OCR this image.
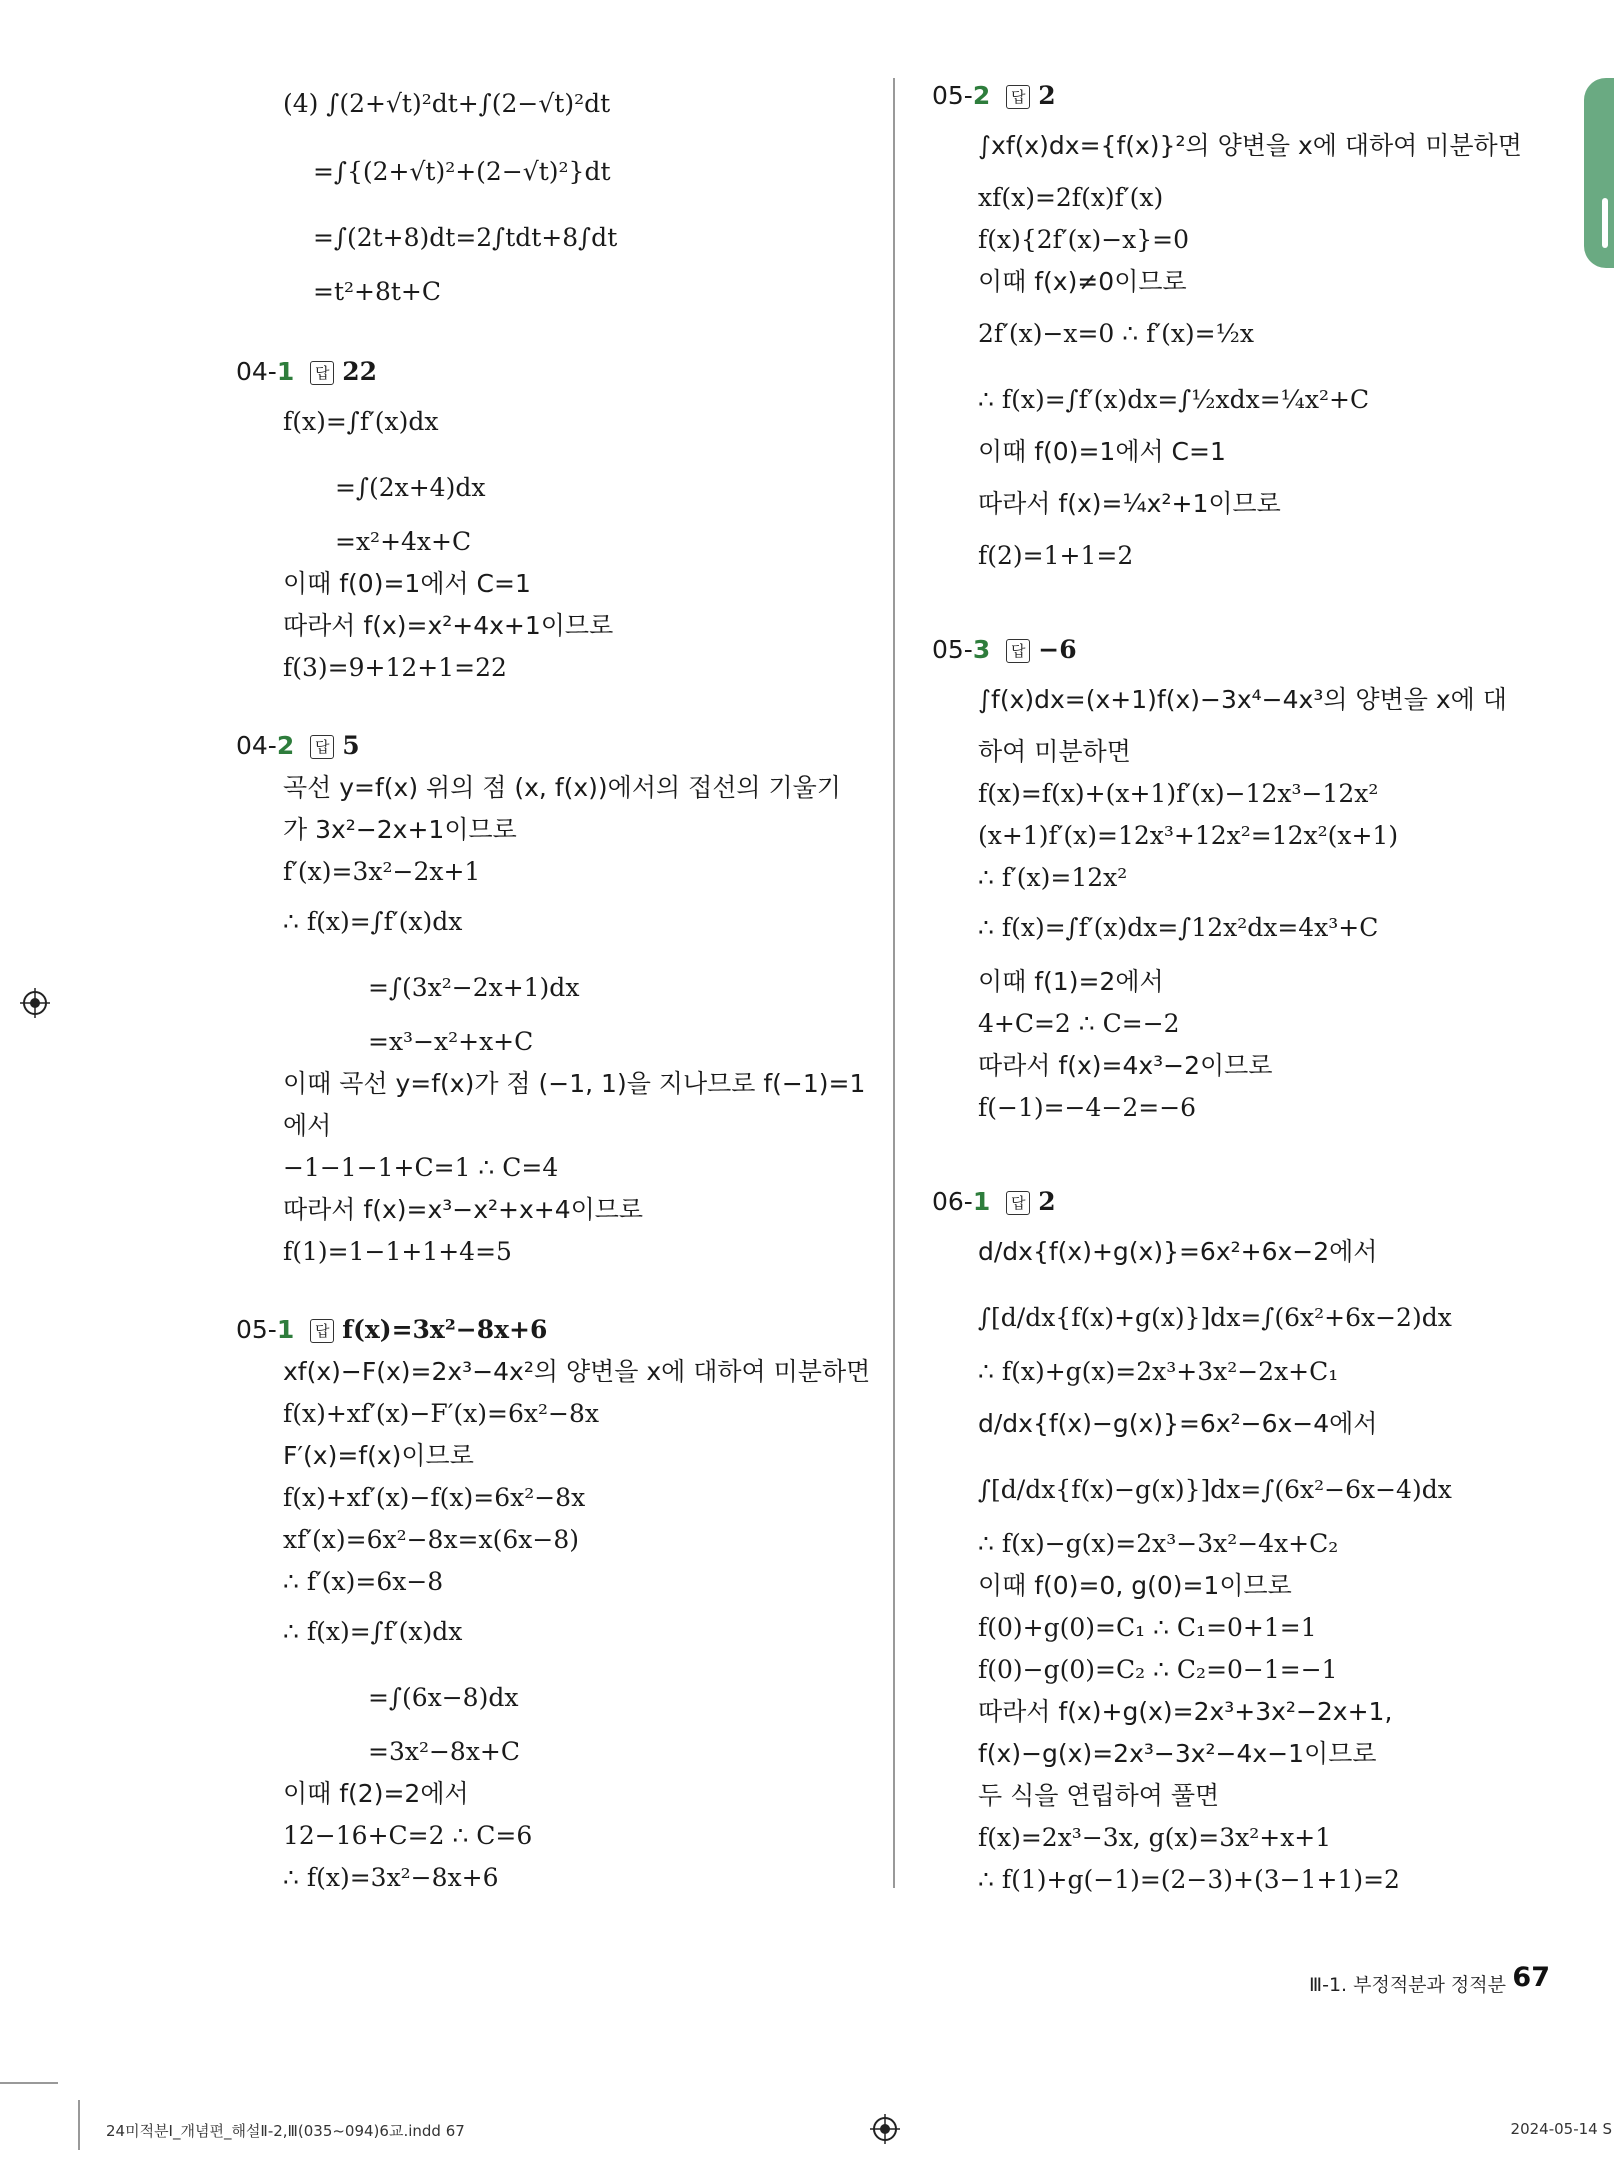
(4) ∫(2+√t)²dt+∫(2−√t)²dt
=∫{(2+√t)²+(2−√t)²}dt
=∫(2t+8)dt=2∫tdt+8∫dt
=t²+8t+C
04-1 답 22
f(x)=∫f′(x)dx
=∫(2x+4)dx
=x²+4x+C
이때 f(0)=1에서 C=1
따라서 f(x)=x²+4x+1이므로
f(3)=9+12+1=22
04-2 답 5
곡선 y=f(x) 위의 점 (x, f(x))에서의 접선의 기울기
가 3x²−2x+1이므로
f′(x)=3x²−2x+1
∴ f(x)=∫f′(x)dx
=∫(3x²−2x+1)dx
=x³−x²+x+C
이때 곡선 y=f(x)가 점 (−1, 1)을 지나므로 f(−1)=1
에서
−1−1−1+C=1 ∴ C=4
따라서 f(x)=x³−x²+x+4이므로
f(1)=1−1+1+4=5
05-1 답 f(x)=3x²−8x+6
xf(x)−F(x)=2x³−4x²의 양변을 x에 대하여 미분하면
f(x)+xf′(x)−F′(x)=6x²−8x
F′(x)=f(x)이므로
f(x)+xf′(x)−f(x)=6x²−8x
xf′(x)=6x²−8x=x(6x−8)
∴ f′(x)=6x−8
∴ f(x)=∫f′(x)dx
=∫(6x−8)dx
=3x²−8x+C
이때 f(2)=2에서
12−16+C=2 ∴ C=6
∴ f(x)=3x²−8x+6
05-2 답 2
∫xf(x)dx={f(x)}²의 양변을 x에 대하여 미분하면
xf(x)=2f(x)f′(x)
f(x){2f′(x)−x}=0
이때 f(x)≠0이므로
2f′(x)−x=0 ∴ f′(x)=½x
∴ f(x)=∫f′(x)dx=∫½xdx=¼x²+C
이때 f(0)=1에서 C=1
따라서 f(x)=¼x²+1이므로
f(2)=1+1=2
05-3 답 −6
∫f(x)dx=(x+1)f(x)−3x⁴−4x³의 양변을 x에 대
하여 미분하면
f(x)=f(x)+(x+1)f′(x)−12x³−12x²
(x+1)f′(x)=12x³+12x²=12x²(x+1)
∴ f′(x)=12x²
∴ f(x)=∫f′(x)dx=∫12x²dx=4x³+C
이때 f(1)=2에서
4+C=2 ∴ C=−2
따라서 f(x)=4x³−2이므로
f(−1)=−4−2=−6
06-1 답 2
d/dx{f(x)+g(x)}=6x²+6x−2에서
∫[d/dx{f(x)+g(x)}]dx=∫(6x²+6x−2)dx
∴ f(x)+g(x)=2x³+3x²−2x+C₁
d/dx{f(x)−g(x)}=6x²−6x−4에서
∫[d/dx{f(x)−g(x)}]dx=∫(6x²−6x−4)dx
∴ f(x)−g(x)=2x³−3x²−4x+C₂
이때 f(0)=0, g(0)=1이므로
f(0)+g(0)=C₁ ∴ C₁=0+1=1
f(0)−g(0)=C₂ ∴ C₂=0−1=−1
따라서 f(x)+g(x)=2x³+3x²−2x+1,
f(x)−g(x)=2x³−3x²−4x−1이므로
두 식을 연립하여 풀면
f(x)=2x³−3x, g(x)=3x²+x+1
∴ f(1)+g(−1)=(2−3)+(3−1+1)=2
Ⅲ-1. 부정적분과 정적분 67
24미적분Ⅰ_개념편_해설Ⅱ-2,Ⅲ(035~094)6교.indd 67	2024-05-14 S
